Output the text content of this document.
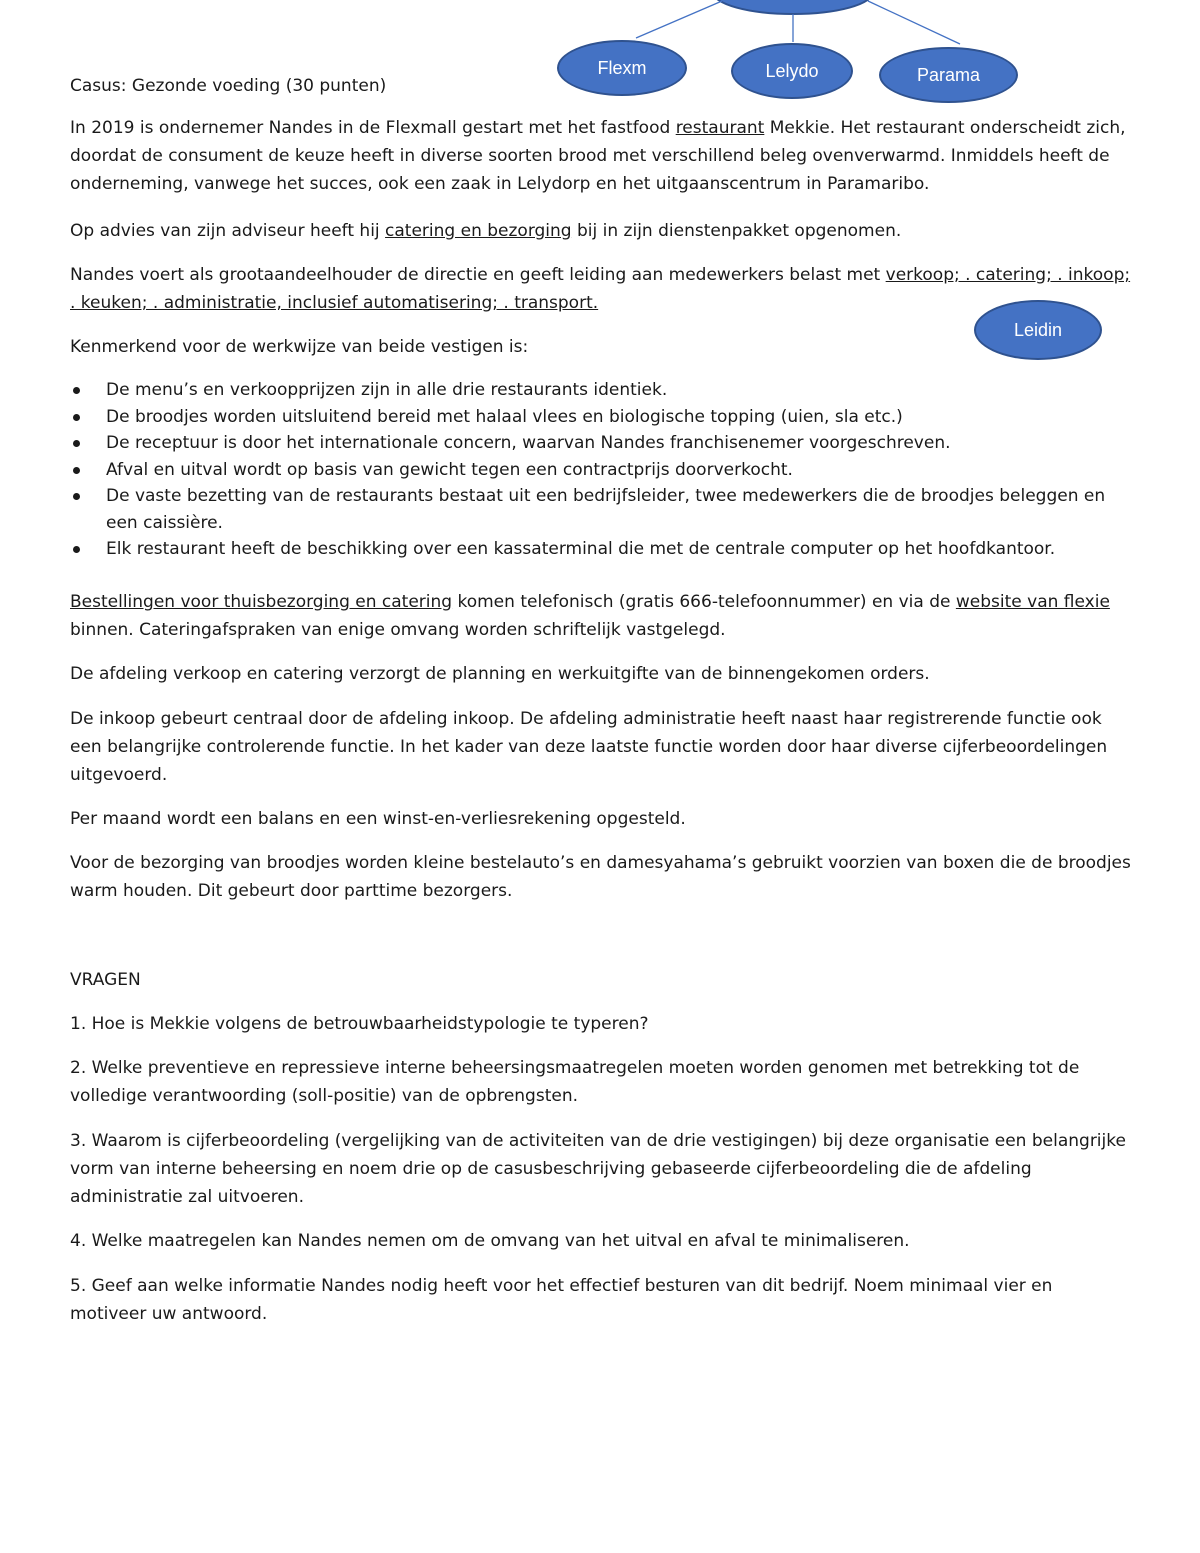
Flexm	Lelydo	Parama
Leidin

Casus: Gezonde voeding (30 punten)

In 2019 is ondernemer Nandes in de Flexmall gestart met het fastfood restaurant Mekkie. Het restaurant onderscheidt zich, doordat de consument de keuze heeft in diverse soorten brood met verschillend beleg ovenverwarmd. Inmiddels heeft de onderneming, vanwege het succes, ook een zaak in Lelydorp en het uitgaanscentrum in Paramaribo.

Op advies van zijn adviseur heeft hij catering en bezorging bij in zijn dienstenpakket opgenomen.

Nandes voert als grootaandeelhouder de directie en geeft leiding aan medewerkers belast met verkoop; . catering; . inkoop; . keuken; . administratie, inclusief automatisering; . transport.

Kenmerkend voor de werkwijze van beide vestigen is:

De menu’s en verkoopprijzen zijn in alle drie restaurants identiek.
De broodjes worden uitsluitend bereid met halaal vlees en biologische topping (uien, sla etc.)
De receptuur is door het internationale concern, waarvan Nandes franchisenemer voorgeschreven.
Afval en uitval wordt op basis van gewicht tegen een contractprijs doorverkocht.
De vaste bezetting van de restaurants bestaat uit een bedrijfsleider, twee medewerkers die de broodjes beleggen en een caissière.
Elk restaurant heeft de beschikking over een kassaterminal die met de centrale computer op het hoofdkantoor.

Bestellingen voor thuisbezorging en catering komen telefonisch (gratis 666-telefoonnummer) en via de website van flexie binnen. Cateringafspraken van enige omvang worden schriftelijk vastgelegd.

De afdeling verkoop en catering verzorgt de planning en werkuitgifte van de binnengekomen orders.

De inkoop gebeurt centraal door de afdeling inkoop. De afdeling administratie heeft naast haar registrerende functie ook een belangrijke controlerende functie. In het kader van deze laatste functie worden door haar diverse cijferbeoordelingen uitgevoerd.

Per maand wordt een balans en een winst-en-verliesrekening opgesteld.

Voor de bezorging van broodjes worden kleine bestelauto’s en damesyahama’s gebruikt voorzien van boxen die de broodjes warm houden. Dit gebeurt door parttime bezorgers.

VRAGEN

1. Hoe is Mekkie volgens de betrouwbaarheidstypologie te typeren?

2. Welke preventieve en repressieve interne beheersingsmaatregelen moeten worden genomen met betrekking tot de volledige verantwoording (soll-positie) van de opbrengsten.

3. Waarom is cijferbeoordeling (vergelijking van de activiteiten van de drie vestigingen) bij deze organisatie een belangrijke vorm van interne beheersing en noem drie op de casusbeschrijving gebaseerde cijferbeoordeling die de afdeling administratie zal uitvoeren.

4. Welke maatregelen kan Nandes nemen om de omvang van het uitval en afval te minimaliseren.

5. Geef aan welke informatie Nandes nodig heeft voor het effectief besturen van dit bedrijf. Noem minimaal vier en motiveer uw antwoord.
